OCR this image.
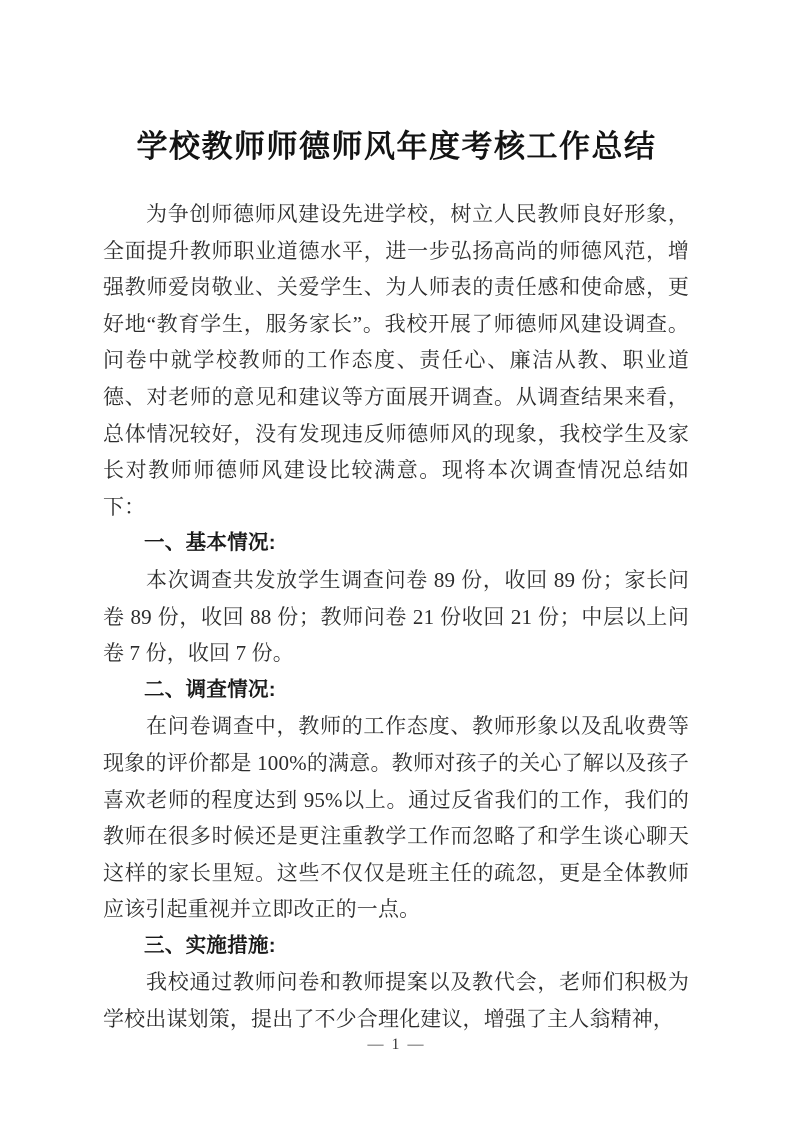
学校教师师德师风年度考核工作总结

为争创师德师风建设先进学校，树立人民教师良好形象，全面提升教师职业道德水平，进一步弘扬高尚的师德风范，增强教师爱岗敬业、关爱学生、为人师表的责任感和使命感，更好地“教育学生，服务家长”。我校开展了师德师风建设调查。问卷中就学校教师的工作态度、责任心、廉洁从教、职业道德、对老师的意见和建议等方面展开调查。从调查结果来看，总体情况较好，没有发现违反师德师风的现象，我校学生及家长对教师师德师风建设比较满意。现将本次调查情况总结如下：

一、基本情况:

本次调查共发放学生调查问卷 89 份，收回 89 份；家长问卷 89 份，收回 88 份；教师问卷 21 份收回 21 份；中层以上问卷 7 份，收回 7 份。

二、调查情况:

在问卷调查中，教师的工作态度、教师形象以及乱收费等现象的评价都是 100%的满意。教师对孩子的关心了解以及孩子喜欢老师的程度达到 95%以上。通过反省我们的工作，我们的教师在很多时候还是更注重教学工作而忽略了和学生谈心聊天这样的家长里短。这些不仅仅是班主任的疏忽，更是全体教师应该引起重视并立即改正的一点。

三、实施措施:

我校通过教师问卷和教师提案以及教代会，老师们积极为学校出谋划策，提出了不少合理化建议，增强了主人翁精神，

— 1 —
